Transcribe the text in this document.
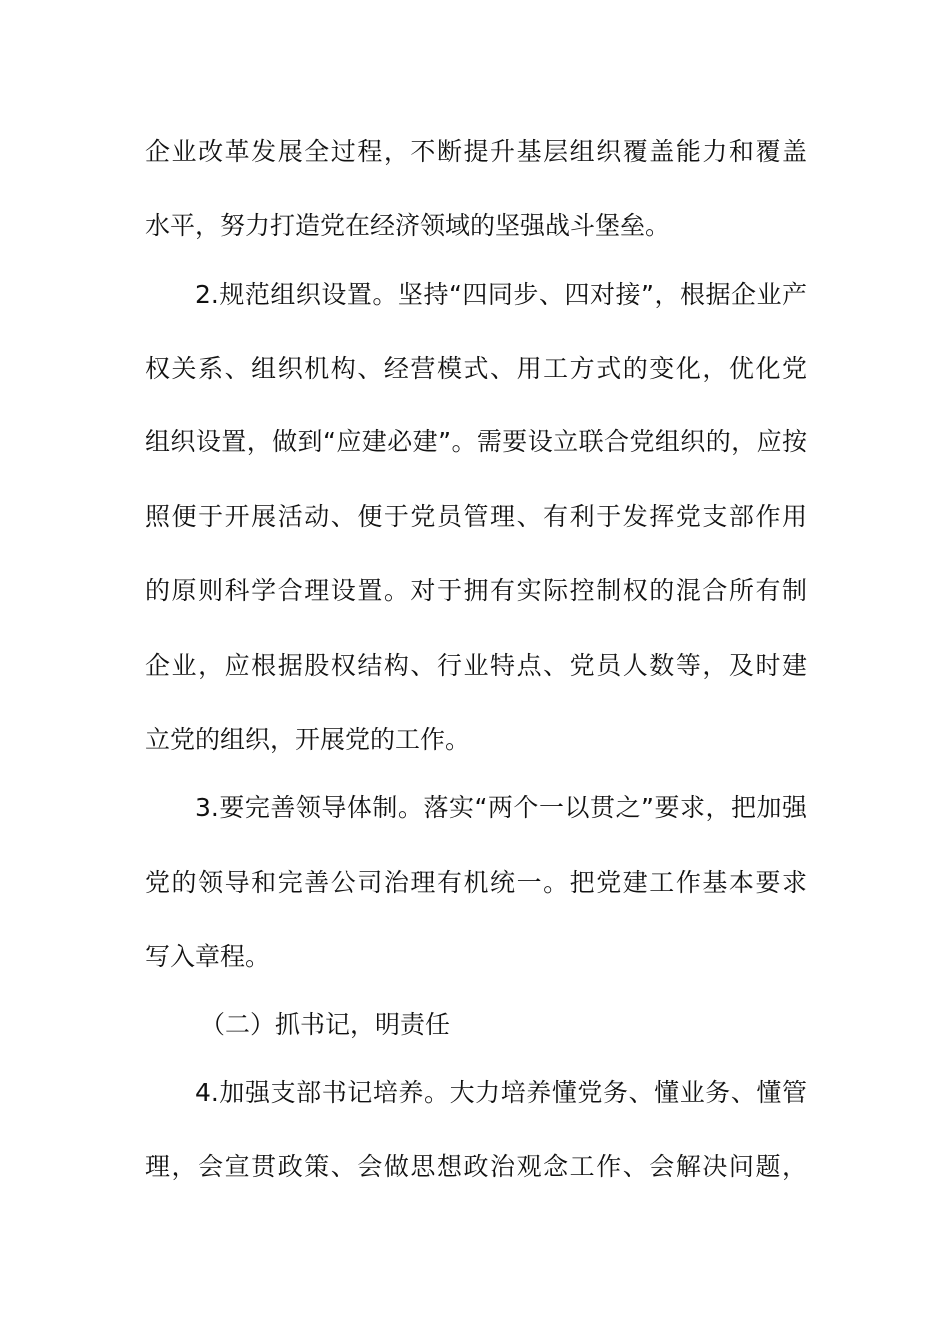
企业改革发展全过程，不断提升基层组织覆盖能力和覆盖
水平，努力打造党在经济领域的坚强战斗堡垒。
2.规范组织设置。坚持“四同步、四对接”，根据企业产
权关系、组织机构、经营模式、用工方式的变化，优化党
组织设置，做到“应建必建”。需要设立联合党组织的，应按
照便于开展活动、便于党员管理、有利于发挥党支部作用
的原则科学合理设置。对于拥有实际控制权的混合所有制
企业，应根据股权结构、行业特点、党员人数等，及时建
立党的组织，开展党的工作。
3.要完善领导体制。落实“两个一以贯之”要求，把加强
党的领导和完善公司治理有机统一。把党建工作基本要求
写入章程。
（二）抓书记，明责任
4.加强支部书记培养。大力培养懂党务、懂业务、懂管
理，会宣贯政策、会做思想政治观念工作、会解决问题，
